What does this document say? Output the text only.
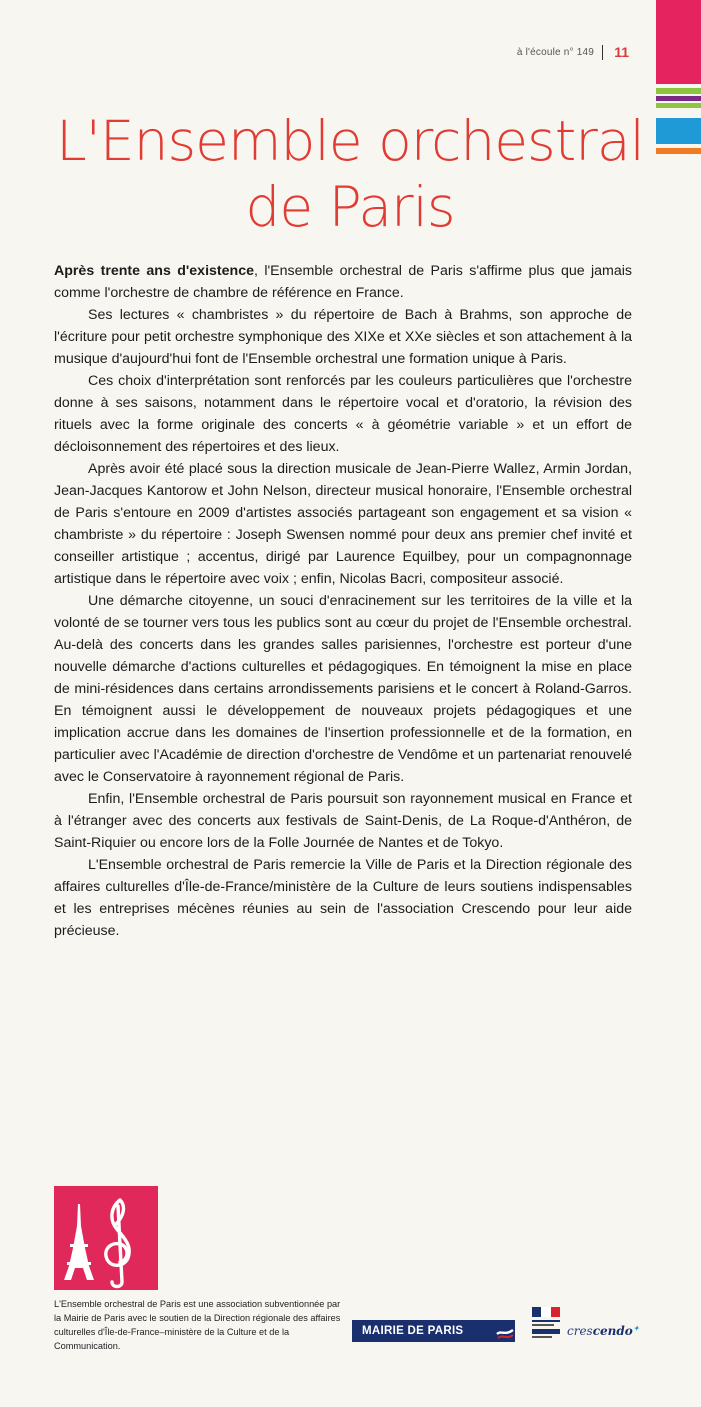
à l'écoule n° 149 11
L'Ensemble orchestral
de Paris

Après trente ans d'existence, l'Ensemble orchestral de Paris s'affirme plus que jamais comme l'orchestre de chambre de référence en France.

Ses lectures « chambristes » du répertoire de Bach à Brahms, son approche de l'écriture pour petit orchestre symphonique des XIXe et XXe siècles et son attachement à la musique d'aujourd'hui font de l'Ensemble orchestral une formation unique à Paris.

Ces choix d'interprétation sont renforcés par les couleurs particulières que l'orchestre donne à ses saisons, notamment dans le répertoire vocal et d'oratorio, la révision des rituels avec la forme originale des concerts « à géométrie variable » et un effort de décloisonnement des répertoires et des lieux.

Après avoir été placé sous la direction musicale de Jean-Pierre Wallez, Armin Jordan, Jean-Jacques Kantorow et John Nelson, directeur musical honoraire, l'Ensemble orchestral de Paris s'entoure en 2009 d'artistes associés partageant son engagement et sa vision « chambriste » du répertoire : Joseph Swensen nommé pour deux ans premier chef invité et conseiller artistique ; accentus, dirigé par Laurence Equilbey, pour un compagnonnage artistique dans le répertoire avec voix ; enfin, Nicolas Bacri, compositeur associé.

Une démarche citoyenne, un souci d'enracinement sur les territoires de la ville et la volonté de se tourner vers tous les publics sont au cœur du projet de l'Ensemble orchestral. Au-delà des concerts dans les grandes salles parisiennes, l'orchestre est porteur d'une nouvelle démarche d'actions culturelles et pédagogiques. En témoignent la mise en place de mini-résidences dans certains arrondissements parisiens et le concert à Roland-Garros. En témoignent aussi le développement de nouveaux projets pédagogiques et une implication accrue dans les domaines de l'insertion professionnelle et de la formation, en particulier avec l'Académie de direction d'orchestre de Vendôme et un partenariat renouvelé avec le Conservatoire à rayonnement régional de Paris.

Enfin, l'Ensemble orchestral de Paris poursuit son rayonnement musical en France et à l'étranger avec des concerts aux festivals de Saint-Denis, de La Roque-d'Anthéron, de Saint-Riquier ou encore lors de la Folle Journée de Nantes et de Tokyo.

L'Ensemble orchestral de Paris remercie la Ville de Paris et la Direction régionale des affaires culturelles d'Île-de-France/ministère de la Culture de leurs soutiens indispensables et les entreprises mécènes réunies au sein de l'association Crescendo pour leur aide précieuse.

L'Ensemble orchestral de Paris est une association subventionnée par la Mairie de Paris avec le soutien de la Direction régionale des affaires culturelles d'Île-de-France–ministère de la Culture et de la Communication.
MAIRIE DE PARIS	crescendo✦
